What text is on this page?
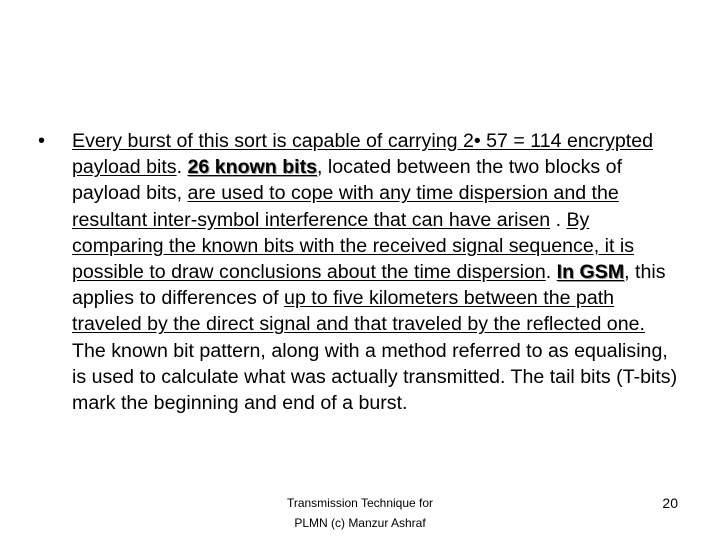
• Every burst of this sort is capable of carrying 2• 57 = 114 encrypted payload bits. 26 known bits, located between the two blocks of payload bits, are used to cope with any time dispersion and the resultant inter-symbol interference that can have arisen . By comparing the known bits with the received signal sequence, it is possible to draw conclusions about the time dispersion. In GSM, this applies to differences of up to five kilometers between the path traveled by the direct signal and that traveled by the reflected one. The known bit pattern, along with a method referred to as equalising, is used to calculate what was actually transmitted. The tail bits (T-bits) mark the beginning and end of a burst.
Transmission Technique for
PLMN (c) Manzur Ashraf
20
